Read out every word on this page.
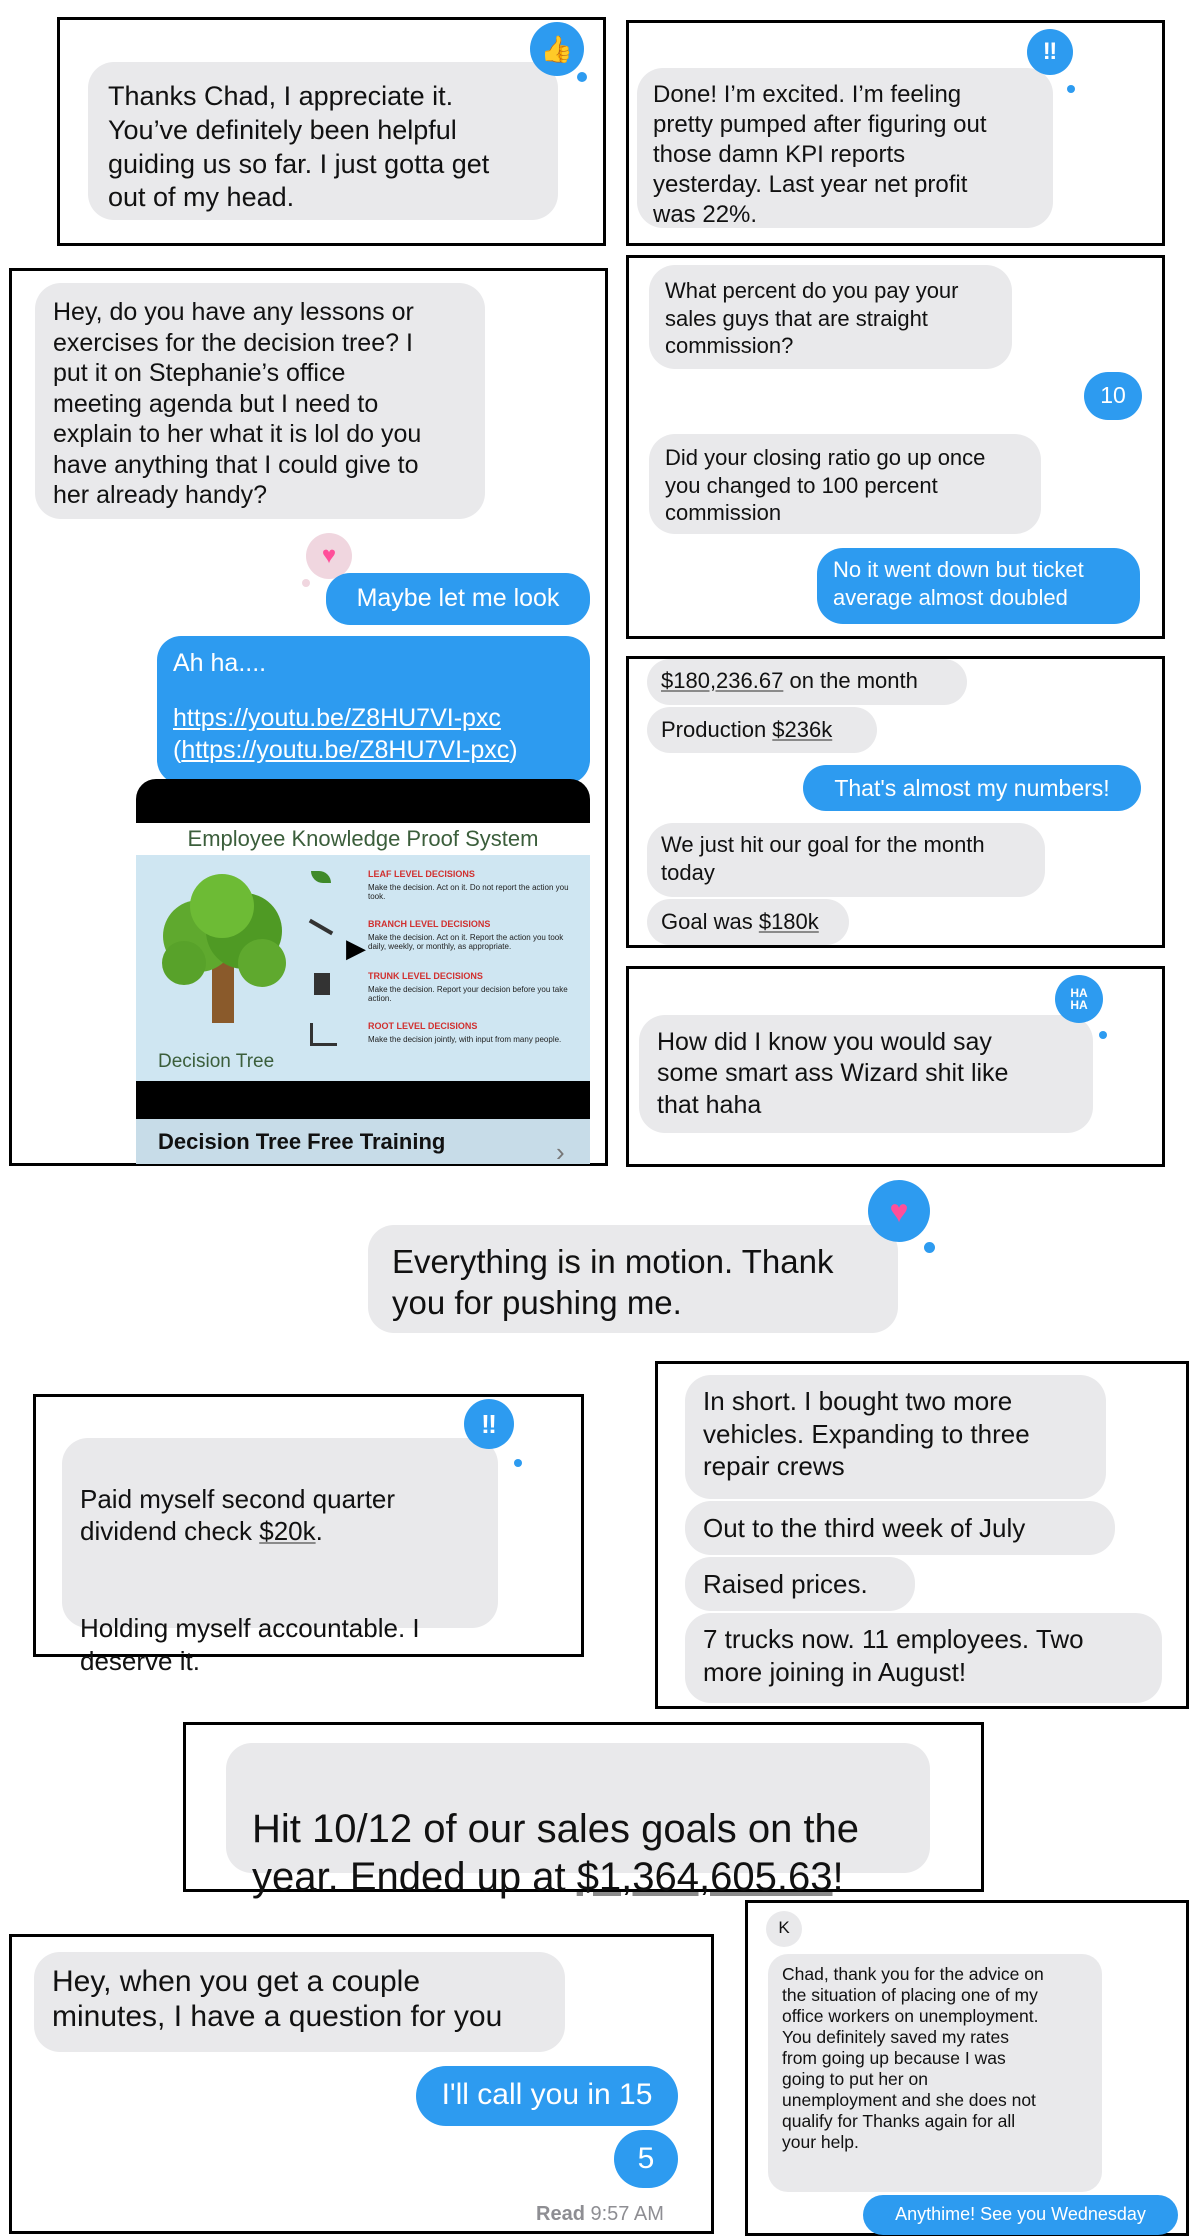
Thanks Chad, I appreciate it.
You’ve definitely been helpful
guiding us so far. I just gotta get
out of my head.
👍
Done! I’m excited. I’m feeling
pretty pumped after figuring out
those damn KPI reports
yesterday. Last year net profit
was 22%.
‼
Hey, do you have any lessons or
exercises for the decision tree? I
put it on Stephanie’s office
meeting agenda but I need to
explain to her what it is lol do you
have anything that I could give to
her already handy?
♥
Maybe let me look
Ah ha....
https://youtu.be/Z8HU7VI-pxc
(https://youtu.be/Z8HU7VI-pxc)
Employee Knowledge Proof System
Decision Tree
LEAF LEVEL DECISIONS
Make the decision. Act on it. Do not report the action you took.
BRANCH LEVEL DECISIONS
Make the decision. Act on it. Report the action you took daily, weekly, or monthly, as appropriate.
TRUNK LEVEL DECISIONS
Make the decision. Report your decision before you take action.
ROOT LEVEL DECISIONS
Make the decision jointly, with input from many people.
▶
Decision Tree Free Training	›
What percent do you pay your
sales guys that are straight
commission?
10
Did your closing ratio go up once
you changed to 100 percent
commission
No it went down but ticket
average almost doubled
$180,236.67 on the month
Production $236k
That's almost my numbers!
We just hit our goal for the month
today
Goal was $180k
How did I know you would say
some smart ass Wizard shit like
that haha
HA
HA
Everything is in motion. Thank
you for pushing me.
♥

Paid myself second quarter
dividend check $20k.

Holding myself accountable. I
deserve it.

‼
In short. I bought two more
vehicles. Expanding to three
repair crews
Out to the third week of July
Raised prices.
7 trucks now. 11 employees. Two
more joining in August!

Hit 10/12 of our sales goals on the
year. Ended up at $1,364,605.63!

Hey, when you get a couple
minutes, I have a question for you
I'll call you in 15
5
Read 9:57 AM
K
Chad, thank you for the advice on
the situation of placing one of my
office workers on unemployment.
You definitely saved my rates
from going up because I was
going to put her on
unemployment and she does not
qualify for Thanks again for all
your help.
Anythime! See you Wednesday
